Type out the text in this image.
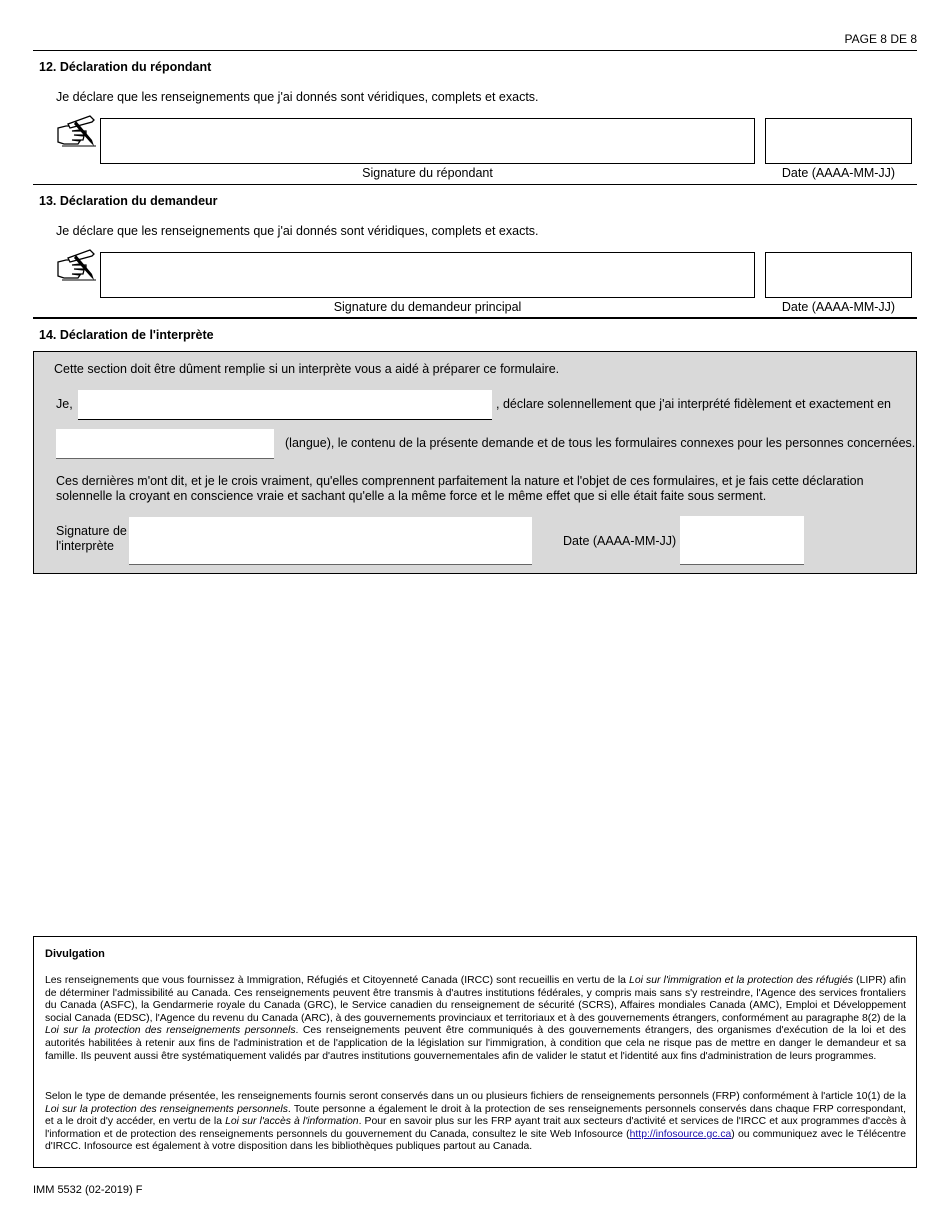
PAGE 8 DE 8
12. Déclaration du répondant
Je déclare que les renseignements que j'ai donnés sont véridiques, complets et exacts.
Signature du répondant	Date (AAAA-MM-JJ)
13. Déclaration du demandeur
Je déclare que les renseignements que j'ai donnés sont véridiques, complets et exacts.
Signature du demandeur principal	Date (AAAA-MM-JJ)
14. Déclaration de l'interprète
Cette section doit être dûment remplie si un interprète vous a aidé à préparer ce formulaire.
Je,	, déclare solennellement que j'ai interprété fidèlement et exactement en
(langue), le contenu de la présente demande et de tous les formulaires connexes pour les personnes concernées.
Ces dernières m'ont dit, et je le crois vraiment, qu'elles comprennent parfaitement la nature et l'objet de ces formulaires, et je fais cette déclaration
solennelle la croyant en conscience vraie et sachant qu'elle a la même force et le même effet que si elle était faite sous serment.
Signature de
l'interprète	Date (AAAA-MM-JJ)
Divulgation
Les renseignements que vous fournissez à Immigration, Réfugiés et Citoyenneté Canada (IRCC) sont recueillis en vertu de la Loi sur l'immigration et la protection des réfugiés (LIPR) afin de déterminer l'admissibilité au Canada. Ces renseignements peuvent être transmis à d'autres institutions fédérales, y compris mais sans s'y restreindre, l'Agence des services frontaliers du Canada (ASFC), la Gendarmerie royale du Canada (GRC), le Service canadien du renseignement de sécurité (SCRS), Affaires mondiales Canada (AMC), Emploi et Développement social Canada (EDSC), l'Agence du revenu du Canada (ARC), à des gouvernements provinciaux et territoriaux et à des gouvernements étrangers, conformément au paragraphe 8(2) de la Loi sur la protection des renseignements personnels. Ces renseignements peuvent être communiqués à des gouvernements étrangers, des organismes d'exécution de la loi et des autorités habilitées à retenir aux fins de l'administration et de l'application de la législation sur l'immigration, à condition que cela ne risque pas de mettre en danger le demandeur et sa famille. Ils peuvent aussi être systématiquement validés par d'autres institutions gouvernementales afin de valider le statut et l'identité aux fins d'administration de leurs programmes.
Selon le type de demande présentée, les renseignements fournis seront conservés dans un ou plusieurs fichiers de renseignements personnels (FRP) conformément à l'article 10(1) de la Loi sur la protection des renseignements personnels. Toute personne a également le droit à la protection de ses renseignements personnels conservés dans chaque FRP correspondant, et a le droit d'y accéder, en vertu de la Loi sur l'accès à l'information. Pour en savoir plus sur les FRP ayant trait aux secteurs d'activité et services de l'IRCC et aux programmes d'accès à l'information et de protection des renseignements personnels du gouvernement du Canada, consultez le site Web Infosource (http://infosource.gc.ca) ou communiquez avec le Télécentre d'IRCC. Infosource est également à votre disposition dans les bibliothèques publiques partout au Canada.
IMM 5532 (02-2019) F
